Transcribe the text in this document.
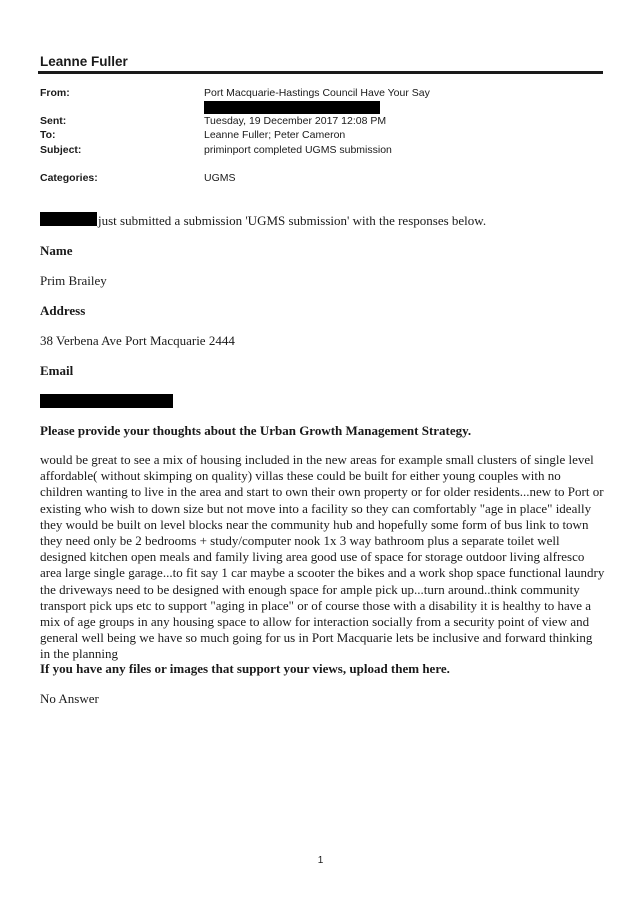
Leanne Fuller
From:	Port Macquarie-Hastings Council Have Your Say
Sent:	Tuesday, 19 December 2017 12:08 PM
To:	Leanne Fuller; Peter Cameron
Subject:	priminport completed UGMS submission
Categories:	UGMS
just submitted a submission 'UGMS submission' with the responses below.
Name
Prim Brailey
Address
38 Verbena Ave Port Macquarie 2444
Email
Please provide your thoughts about the Urban Growth Management Strategy.
would be great to see a mix of housing included in the new areas for example small clusters of single level
affordable( without skimping on quality) villas these could be built for either young couples with no
children wanting to live in the area and start to own their own property or for older residents...new to Port or
existing who wish to down size but not move into a facility so they can comfortably "age in place" ideally
they would be built on level blocks near the community hub and hopefully some form of bus link to town
they need only be 2 bedrooms + study/computer nook 1x 3 way bathroom plus a separate toilet well
designed kitchen open meals and family living area good use of space for storage outdoor living alfresco
area large single garage...to fit say 1 car maybe a scooter the bikes and a work shop space functional laundry
the driveways need to be designed with enough space for ample pick up...turn around..think community
transport pick ups etc to support "aging in place" or of course those with a disability it is healthy to have a
mix of age groups in any housing space to allow for interaction socially from a security point of view and
general well being we have so much going for us in Port Macquarie lets be inclusive and forward thinking
in the planning
If you have any files or images that support your views, upload them here.
No Answer
1
